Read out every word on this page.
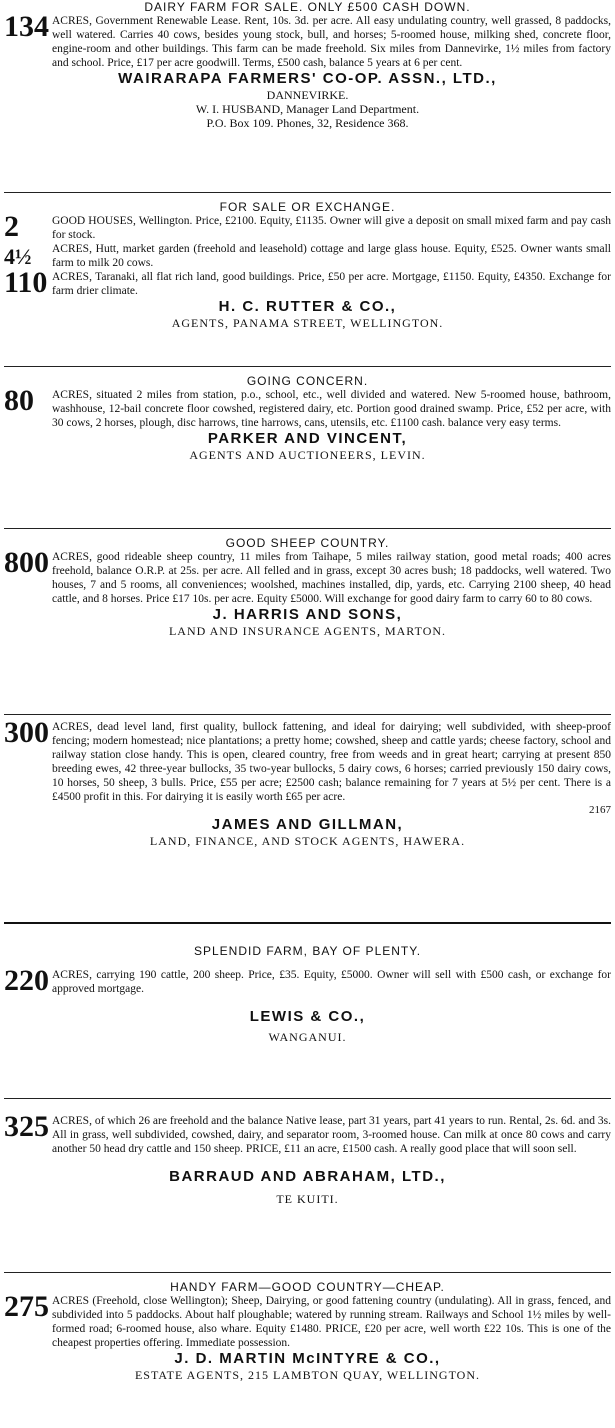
DAIRY FARM FOR SALE. ONLY £500 CASH DOWN.
134 ACRES, Government Renewable Lease. Rent, 10s. 3d. per acre. All easy undulating country, well grassed, 8 paddocks, well watered. Carries 40 cows, besides young stock, bull, and horses; 5-roomed house, milking shed, concrete floor, engine-room and other buildings. This farm can be made freehold. Six miles from Dannevirke, 1½ miles from factory and school. Price, £17 per acre goodwill. Terms, £500 cash, balance 5 years at 6 per cent.

WAIRARAPA FARMERS' CO-OP. ASSN., LTD.,
DANNEVIRKE.
W. I. HUSBAND, Manager Land Department.
P.O. Box 109. Phones, 32, Residence 368.
FOR SALE OR EXCHANGE.
2	GOOD HOUSES, Wellington. Price, £2100. Equity, £1135. Owner will give a deposit on small mixed farm and pay cash for stock.

4½ ACRES, Hutt, market garden (freehold and leasehold) cottage and large glass house. Equity, £525. Owner wants small farm to milk 20 cows.

110 ACRES, Taranaki, all flat rich land, good buildings. Price, £50 per acre. Mortgage, £1150. Equity, £4350. Exchange for farm drier climate.

H. C. RUTTER & CO.,
AGENTS, PANAMA STREET, WELLINGTON.
GOING CONCERN.
80 ACRES, situated 2 miles from station, p.o., school, etc., well divided and watered. New 5-roomed house, bathroom, washhouse, 12-bail concrete floor cowshed, registered dairy, etc. Portion good drained swamp. Price, £52 per acre, with 30 cows, 2 horses, plough, disc harrows, tine harrows, cans, utensils, etc. £1100 cash. balance very easy terms.

PARKER AND VINCENT,
AGENTS AND AUCTIONEERS, LEVIN.
GOOD SHEEP COUNTRY.
800 ACRES, good rideable sheep country, 11 miles from Taihape, 5 miles railway station, good metal roads; 400 acres freehold, balance O.R.P. at 25s. per acre. All felled and in grass, except 30 acres bush; 18 paddocks, well watered. Two houses, 7 and 5 rooms, all conveniences; woolshed, machines installed, dip, yards, etc. Carrying 2100 sheep, 40 head cattle, and 8 horses. Price £17 10s. per acre. Equity £5000. Will exchange for good dairy farm to carry 60 to 80 cows.

J. HARRIS AND SONS,
LAND AND INSURANCE AGENTS, MARTON.
300 ACRES, dead level land, first quality, bullock fattening, and ideal for dairying; well subdivided, with sheep-proof fencing; modern homestead; nice plantations; a pretty home; cowshed, sheep and cattle yards; cheese factory, school and railway station close handy. This is open, cleared country, free from weeds and in great heart; carrying at present 850 breeding ewes, 42 three-year bullocks, 35 two-year bullocks, 5 dairy cows, 6 horses; carried previously 150 dairy cows, 10 horses, 50 sheep, 3 bulls. Price, £55 per acre; £2500 cash; balance remaining for 7 years at 5½ per cent. There is a £4500 profit in this. For dairying it is easily worth £65 per acre.

2167
JAMES AND GILLMAN,
LAND, FINANCE, AND STOCK AGENTS, HAWERA.
SPLENDID FARM, BAY OF PLENTY.
220 ACRES, carrying 190 cattle, 200 sheep. Price, £35. Equity, £5000. Owner will sell with £500 cash, or exchange for approved mortgage.

LEWIS & CO.,
WANGANUI.
325 ACRES, of which 26 are freehold and the balance Native lease, part 31 years, part 41 years to run. Rental, 2s. 6d. and 3s. All in grass, well subdivided, cowshed, dairy, and separator room, 3-roomed house. Can milk at once 80 cows and carry another 50 head dry cattle and 150 sheep. PRICE, £11 an acre, £1500 cash. A really good place that will soon sell.

BARRAUD AND ABRAHAM, LTD.,
TE KUITI.
HANDY FARM—GOOD COUNTRY—CHEAP.
275 ACRES (Freehold, close Wellington); Sheep, Dairying, or good fattening country (undulating). All in grass, fenced, and subdivided into 5 paddocks. About half ploughable; watered by running stream. Railways and School 1½ miles by well-formed road; 6-roomed house, also whare. Equity £1480. PRICE, £20 per acre, well worth £22 10s. This is one of the cheapest properties offering. Immediate possession.

J. D. MARTIN McINTYRE & CO.,
ESTATE AGENTS, 215 LAMBTON QUAY, WELLINGTON.
